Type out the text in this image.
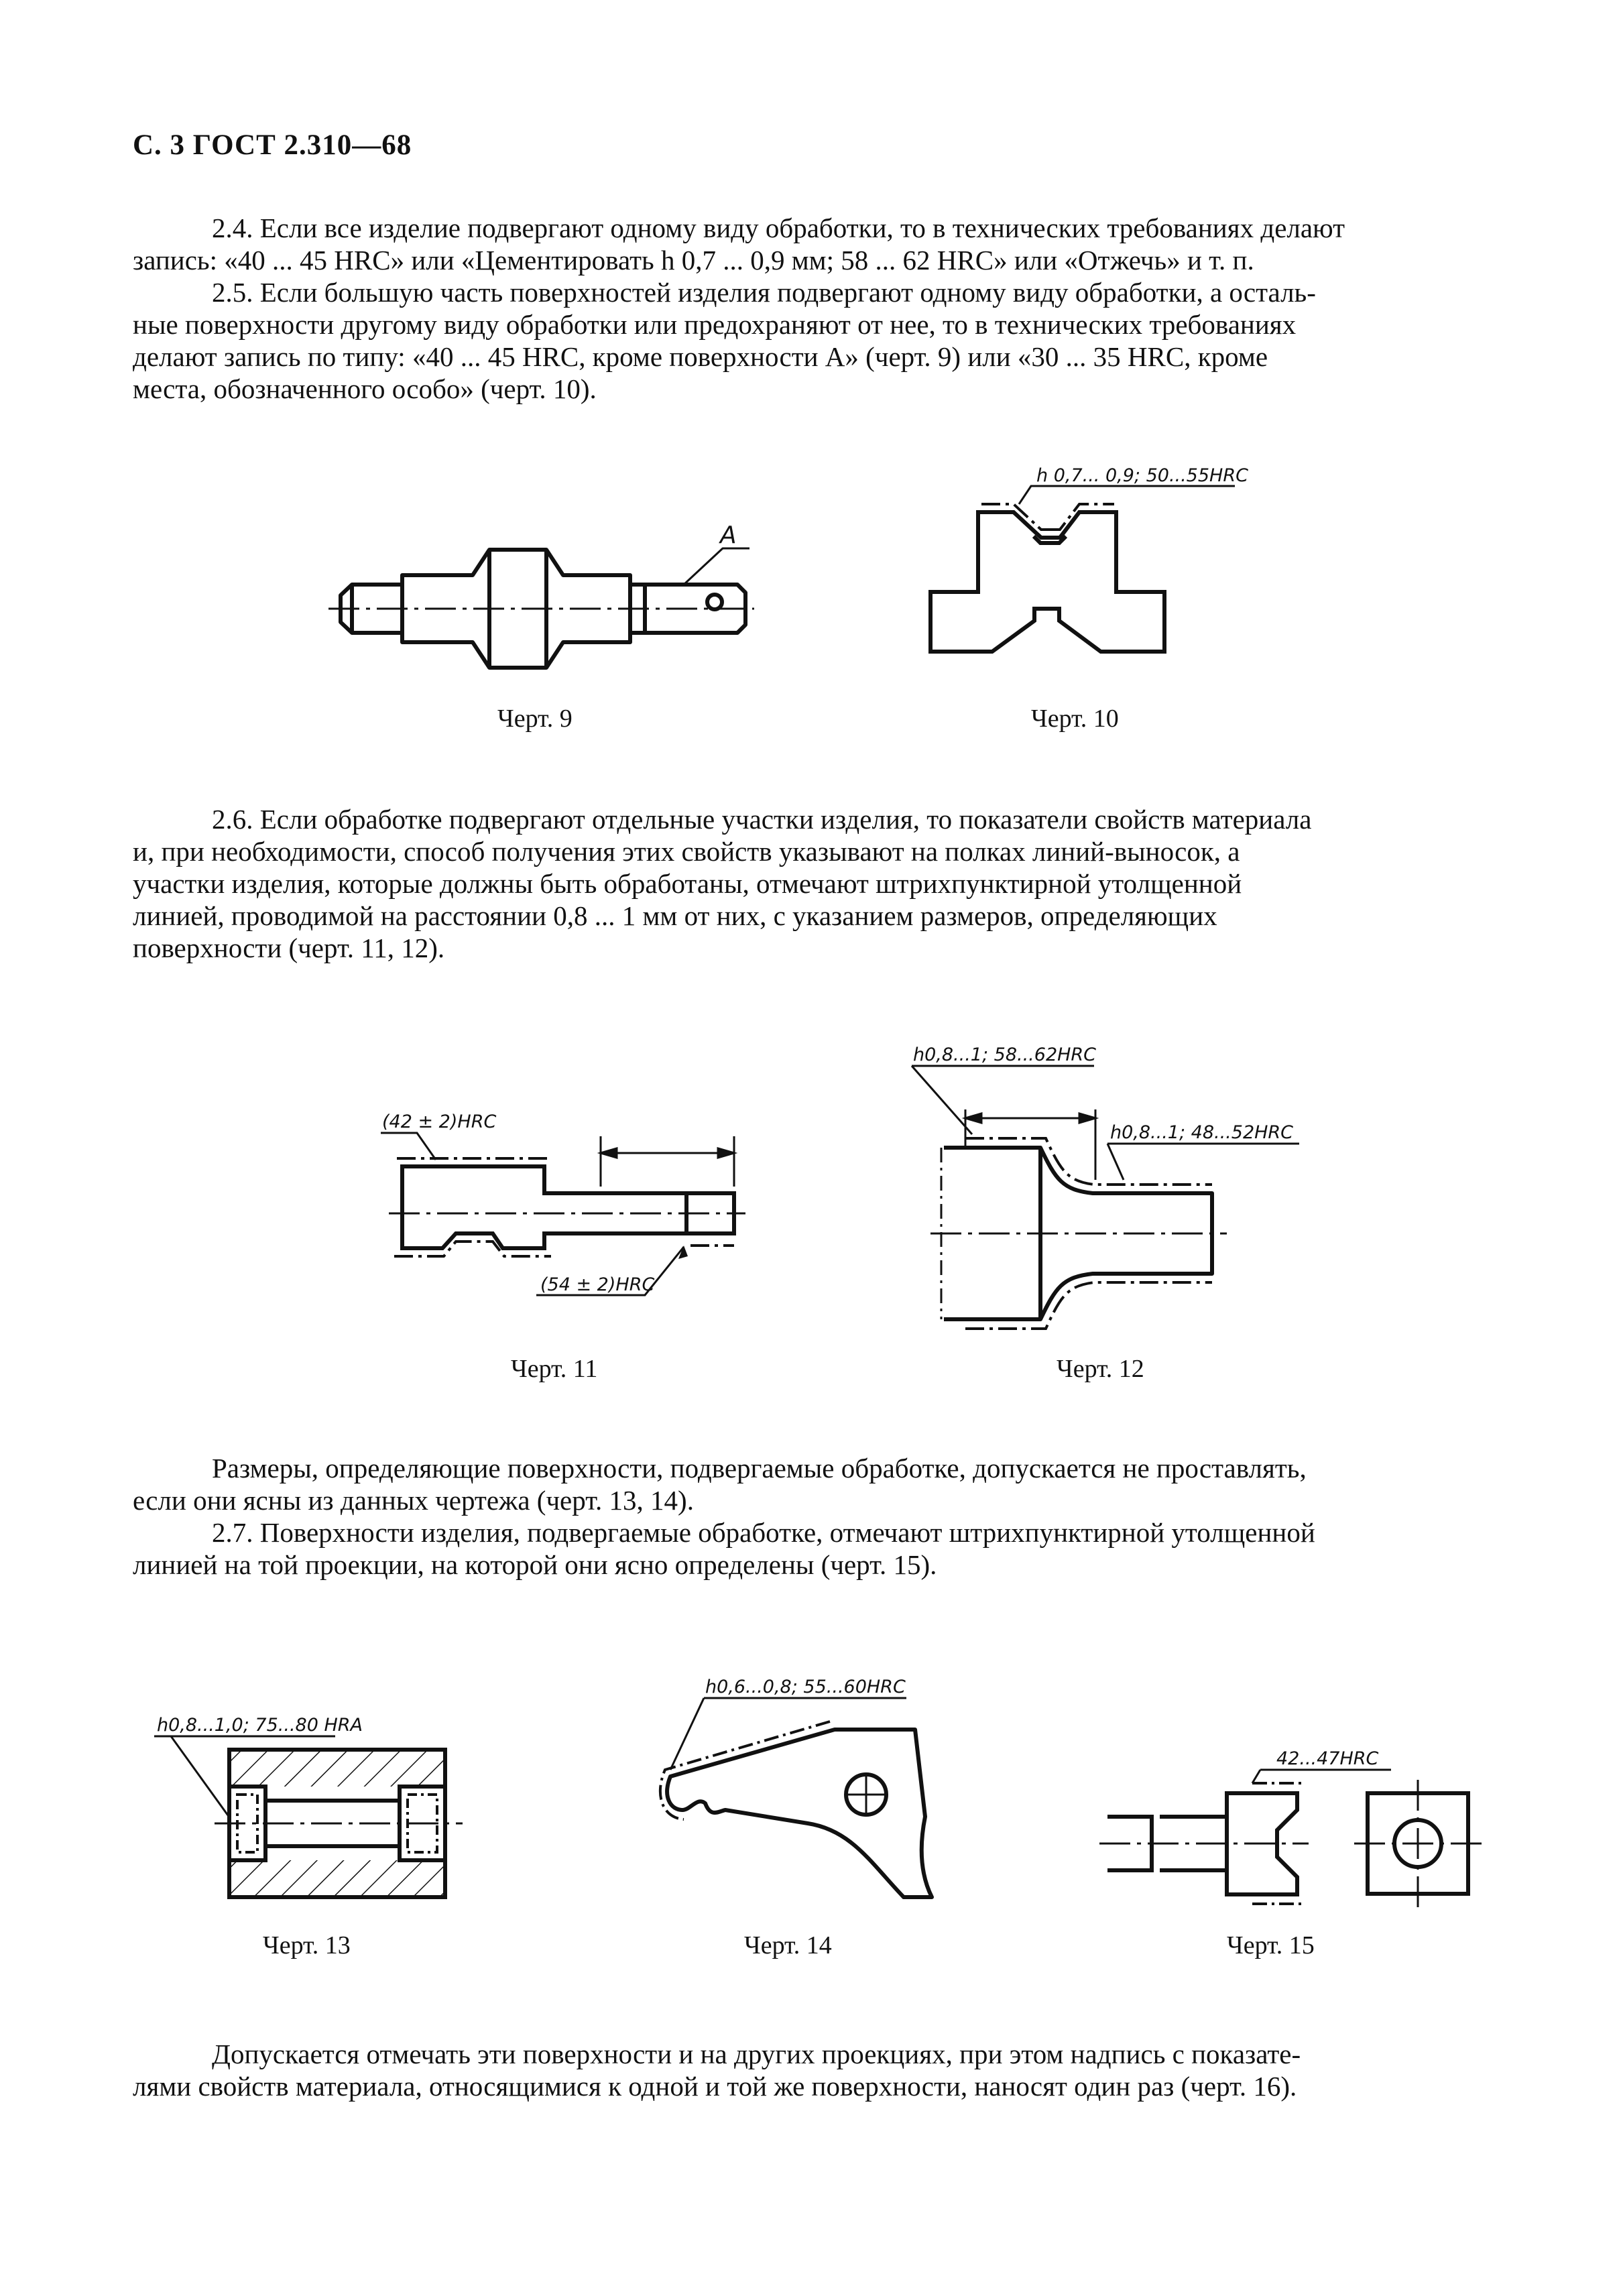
С. 3 ГОСТ 2.310—68

2.4. Если все изделие подвергают одному виду обработки, то в технических требованиях делают
запись: «40 ... 45 HRC» или «Цементировать h 0,7 ... 0,9 мм; 58 ... 62 HRC» или «Отжечь» и т. п.

2.5. Если большую часть поверхностей изделия подвергают одному виду обработки, а осталь-
ные поверхности другому виду обработки или предохраняют от нее, то в технических требованиях
делают запись по типу: «40 ... 45 HRC, кроме поверхности A» (черт. 9) или «30 ... 35 HRC, кроме
места, обозначенного особо» (черт. 10).

A
h 0,7... 0,9; 50...55HRC
Черт. 9	Черт. 10

2.6. Если обработке подвергают отдельные участки изделия, то показатели свойств материала
и, при необходимости, способ получения этих свойств указывают на полках линий-выносок, а
участки изделия, которые должны быть обработаны, отмечают штрихпунктирной утолщенной
линией, проводимой на расстоянии 0,8 ... 1 мм от них, с указанием размеров, определяющих
поверхности (черт. 11, 12).

(42 ± 2)HRC
(54 ± 2)HRC
h0,8...1; 58...62HRC
h0,8...1; 48...52HRC
Черт. 11	Черт. 12

Размеры, определяющие поверхности, подвергаемые обработке, допускается не проставлять,
если они ясны из данных чертежа (черт. 13, 14).

2.7. Поверхности изделия, подвергаемые обработке, отмечают штрихпунктирной утолщенной
линией на той проекции, на которой они ясно определены (черт. 15).

h0,8...1,0; 75...80 HRA
h0,6...0,8; 55...60HRC
42...47HRC
Черт. 13	Черт. 14	Черт. 15

Допускается отмечать эти поверхности и на других проекциях, при этом надпись с показате-
лями свойств материала, относящимися к одной и той же поверхности, наносят один раз (черт. 16).
